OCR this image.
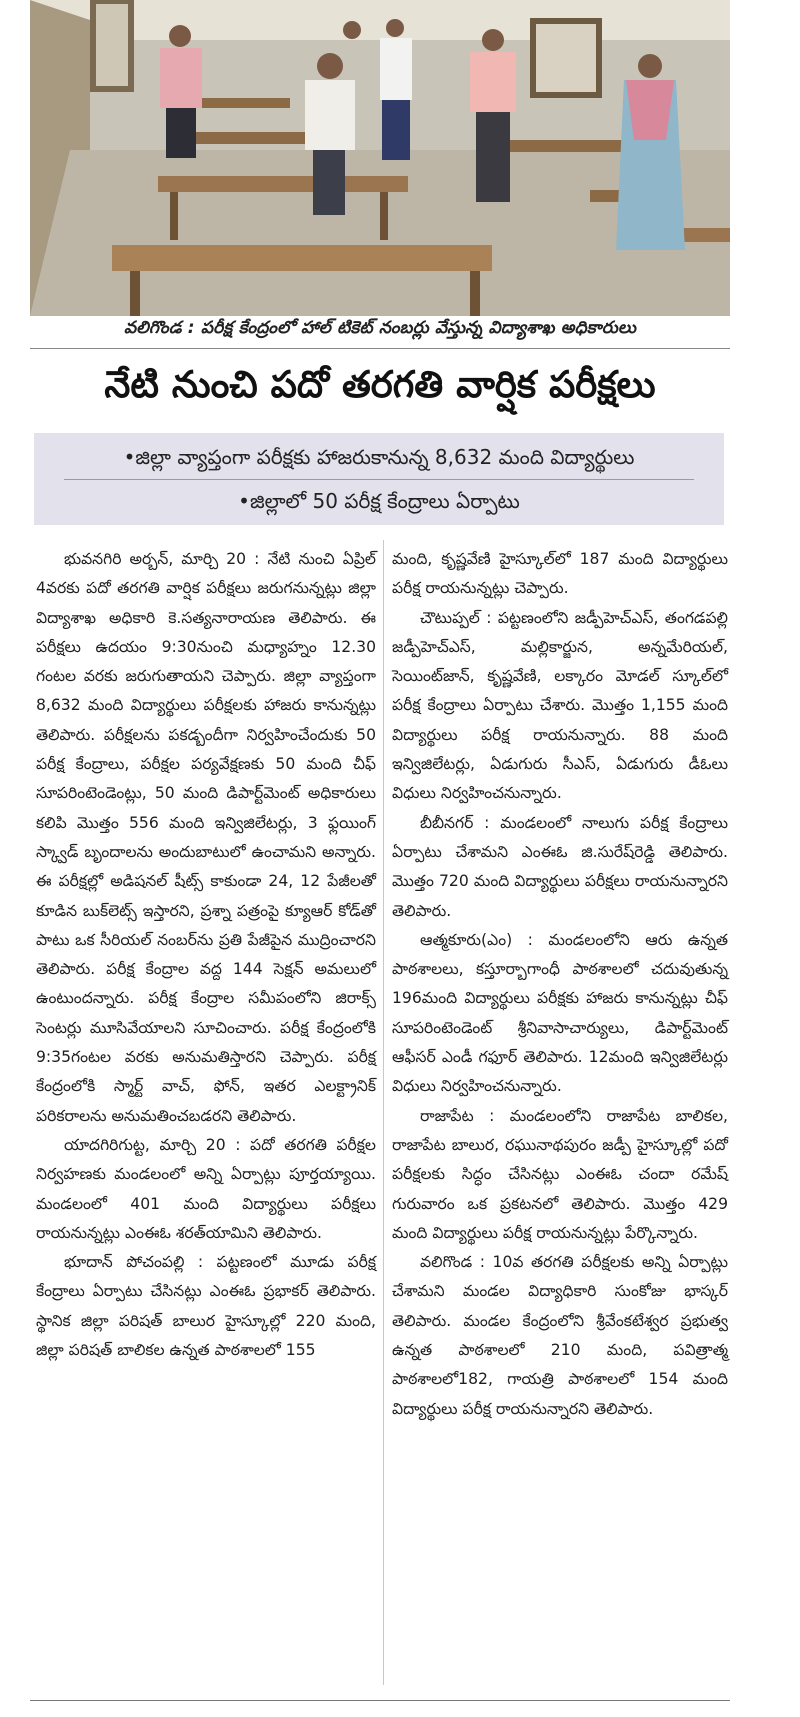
వలిగొండ : పరీక్ష కేంద్రంలో హాల్ టికెట్ నంబర్లు వేస్తున్న విద్యాశాఖ అధికారులు
నేటి నుంచి పదో తరగతి వార్షిక పరీక్షలు
•జిల్లా వ్యాప్తంగా పరీక్షకు హాజరుకానున్న 8,632 మంది విద్యార్థులు
•జిల్లాలో 50 పరీక్ష కేంద్రాలు ఏర్పాటు

భువనగిరి అర్బన్, మార్చి 20 : నేటి నుంచి ఏప్రిల్ 4వరకు పదో తరగతి వార్షిక పరీక్షలు జరుగనున్నట్లు జిల్లా విద్యాశాఖ అధికారి కె.సత్యనారాయణ తెలిపారు. ఈ పరీక్షలు ఉదయం 9:30నుంచి మధ్యాహ్నం 12.30 గంటల వరకు జరుగుతాయని చెప్పారు. జిల్లా వ్యాప్తంగా 8,632 మంది విద్యార్థులు పరీక్షలకు హాజరు కానున్నట్లు తెలిపారు. పరీక్షలను పకడ్బందీగా నిర్వహించేందుకు 50 పరీక్ష కేంద్రాలు, పరీక్షల పర్యవేక్షణకు 50 మంది చీఫ్ సూపరింటెండెంట్లు, 50 మంది డిపార్ట్‌మెంట్ అధికారులు కలిపి మొత్తం 556 మంది ఇన్విజిలేటర్లు, 3 ఫ్లయింగ్ స్క్వాడ్ బృందాలను అందుబాటులో ఉంచామని అన్నారు. ఈ పరీక్షల్లో అడిషనల్ షీట్స్ కాకుండా 24, 12 పేజీలతో కూడిన బుక్‌లెట్స్ ఇస్తారని, ప్రశ్నా పత్రంపై క్యూఆర్ కోడ్‌తో పాటు ఒక సీరియల్ నంబర్‌ను ప్రతి పేజీపైన ముద్రించారని తెలిపారు. పరీక్ష కేంద్రాల వద్ద 144 సెక్షన్ అమలులో ఉంటుందన్నారు. పరీక్ష కేంద్రాల సమీపంలోని జిరాక్స్ సెంటర్లు మూసివేయాలని సూచించారు. పరీక్ష కేంద్రంలోకి 9:35గంటల వరకు అనుమతిస్తారని చెప్పారు. పరీక్ష కేంద్రంలోకి స్మార్ట్ వాచ్, ఫోన్, ఇతర ఎలక్ట్రానిక్ పరికరాలను అనుమతించబడరని తెలిపారు.

యాదగిరిగుట్ట, మార్చి 20 : పదో తరగతి పరీక్షల నిర్వహణకు మండలంలో అన్ని ఏర్పాట్లు పూర్తయ్యాయి. మండలంలో 401 మంది విద్యార్థులు పరీక్షలు రాయనున్నట్లు ఎంఈఓ శరత్‌యామిని తెలిపారు.

భూదాన్ పోచంపల్లి : పట్టణంలో మూడు పరీక్ష కేంద్రాలు ఏర్పాటు చేసినట్లు ఎంఈఓ ప్రభాకర్ తెలిపారు. స్థానిక జిల్లా పరిషత్ బాలుర హైస్కూల్లో 220 మంది, జిల్లా పరిషత్ బాలికల ఉన్నత పాఠశాలలో 155

మంది, కృష్ణవేణి హైస్కూల్‌లో 187 మంది విద్యార్థులు పరీక్ష రాయనున్నట్లు చెప్పారు.

చౌటుప్పల్ : పట్టణంలోని జడ్పీహెచ్‌ఎస్, తంగడపల్లి జడ్పీహెచ్‌ఎస్, మల్లికార్జున, అన్నమేరియల్, సెయింట్‌జాన్, కృష్ణవేణి, లక్కారం మోడల్ స్కూల్‌లో పరీక్ష కేంద్రాలు ఏర్పాటు చేశారు. మొత్తం 1,155 మంది విద్యార్థులు పరీక్ష రాయనున్నారు. 88 మంది ఇన్విజిలేటర్లు, ఏడుగురు సీఎస్, ఏడుగురు డీఓలు విధులు నిర్వహించనున్నారు.

బీబీనగర్ : మండలంలో నాలుగు పరీక్ష కేంద్రాలు ఏర్పాటు చేశామని ఎంఈఓ జి.సురేష్‌రెడ్డి తెలిపారు. మొత్తం 720 మంది విద్యార్థులు పరీక్షలు రాయనున్నారని తెలిపారు.

ఆత్మకూరు(ఎం) : మండలంలోని ఆరు ఉన్నత పాఠశాలలు, కస్తూర్బాగాంధీ పాఠశాలలో చదువుతున్న 196మంది విద్యార్థులు పరీక్షకు హాజరు కానున్నట్లు చీఫ్ సూపరింటెండెంట్ శ్రీనివాసాచార్యులు, డిపార్ట్‌మెంట్ ఆఫీసర్ ఎండీ గఫూర్ తెలిపారు. 12మంది ఇన్విజిలేటర్లు విధులు నిర్వహించనున్నారు.

రాజాపేట : మండలంలోని రాజాపేట బాలికల, రాజాపేట బాలుర, రఘునాథపురం జడ్పీ హైస్కూల్లో పదో పరీక్షలకు సిద్ధం చేసినట్లు ఎంఈఓ చందా రమేష్ గురువారం ఒక ప్రకటనలో తెలిపారు. మొత్తం 429 మంది విద్యార్థులు పరీక్ష రాయనున్నట్లు పేర్కొన్నారు.

వలిగొండ : 10వ తరగతి పరీక్షలకు అన్ని ఏర్పాట్లు చేశామని మండల విద్యాధికారి సుంకోజు భాస్కర్ తెలిపారు. మండల కేంద్రంలోని శ్రీవేంకటేశ్వర ప్రభుత్వ ఉన్నత పాఠశాలలో 210 మంది, పవిత్రాత్మ పాఠశాలలో182, గాయత్రి పాఠశాలలో 154 మంది విద్యార్థులు పరీక్ష రాయనున్నారని తెలిపారు.
